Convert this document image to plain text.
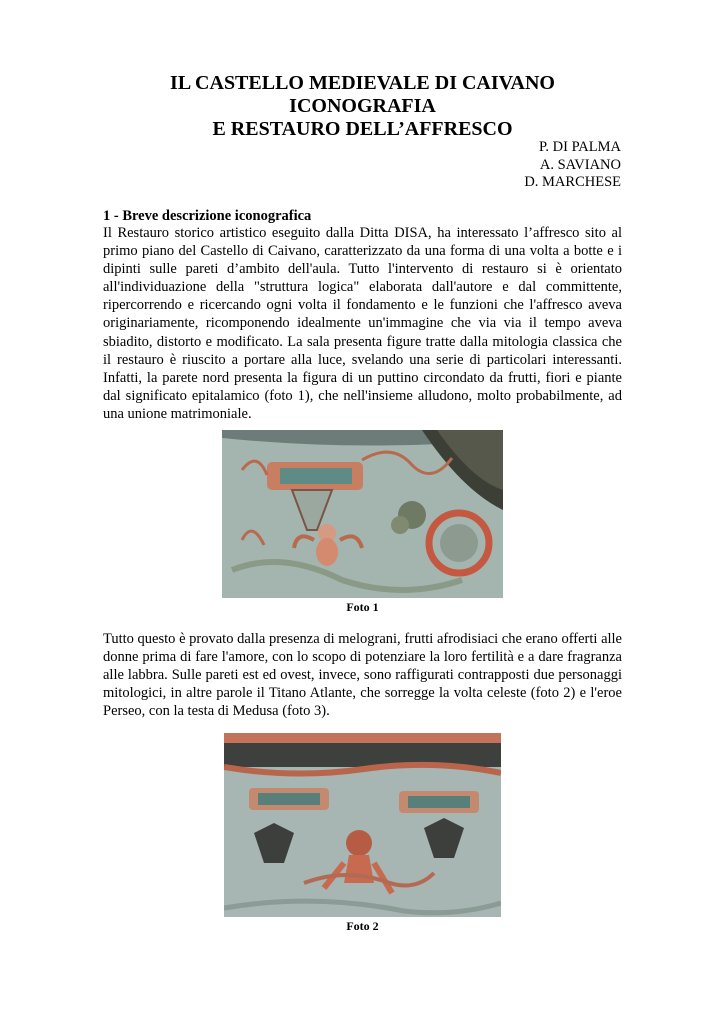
IL CASTELLO MEDIEVALE DI CAIVANO
ICONOGRAFIA
E RESTAURO DELL’AFFRESCO
P. DI PALMA
A. SAVIANO
D. MARCHESE
1 - Breve descrizione iconografica
Il Restauro storico artistico eseguito dalla Ditta DISA, ha interessato l’affresco sito al primo piano del Castello di Caivano, caratterizzato da una forma di una volta a botte e i dipinti sulle pareti d’ambito dell'aula. Tutto l'intervento di restauro si è orientato all'individuazione della "struttura logica" elaborata dall'autore e dal committente, ripercorrendo e ricercando ogni volta il fondamento e le funzioni che l'affresco aveva originariamente, ricomponendo idealmente un'immagine che via via il tempo aveva sbiadito, distorto e modificato. La sala presenta figure tratte dalla mitologia classica che il restauro è riuscito a portare alla luce, svelando una serie di particolari interessanti. Infatti, la parete nord presenta la figura di un puttino circondato da frutti, fiori e piante dal significato epitalamico (foto 1), che nell'insieme alludono, molto probabilmente, ad una unione matrimoniale.
Foto 1
Tutto questo è provato dalla presenza di melograni, frutti afrodisiaci che erano offerti alle donne prima di fare l'amore, con lo scopo di potenziare la loro fertilità e a dare fragranza alle labbra. Sulle pareti est ed ovest, invece, sono raffigurati contrapposti due personaggi mitologici, in altre parole il Titano Atlante, che sorregge la volta celeste (foto 2) e l'eroe Perseo, con la testa di Medusa (foto 3).
Foto 2
